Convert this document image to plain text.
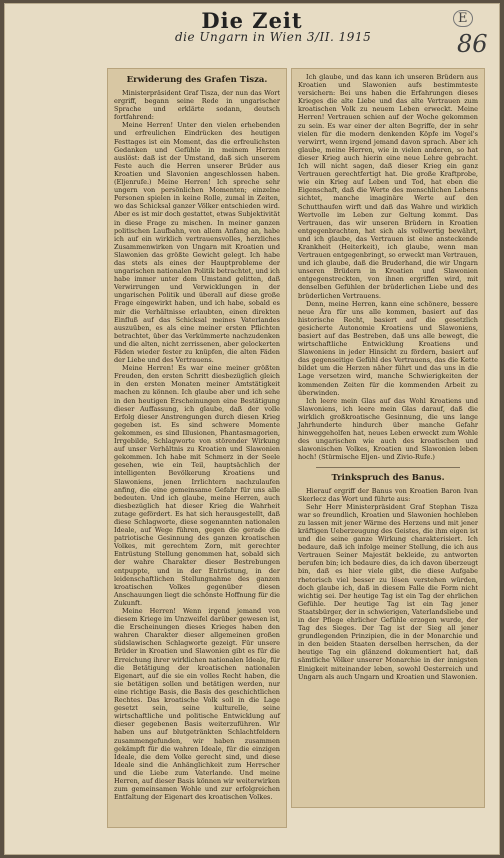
Die Zeit	E
die Ungarn in Wien 3/II. 1915	86
Erwiderung des Grafen Tisza.

Ministerpräsident Graf Tisza, der nun das Wort ergriff, begann seine Rede in ungarischer Sprache und erklärte sodann, deutsch fortfahrend:

Meine Herren! Unter den vielen erhebenden und erfreulichen Eindrücken des heutigen Festtages ist ein Moment, das die erfreulichsten Gedanken und Gefühle in meinem Herzen auslöst: daß ist der Umstand, daß sich unserem Feste auch die Herren unserer Brüder aus Kroatien und Slavonien angeschlossen haben. (Eljenrufe.) Meine Herren! Ich spreche sehr ungern von persönlichen Momenten; einzelne Personen spielen in keine Rolle, zumal in Zeiten, wo das Schicksal ganzer Völker entschieden wird. Aber es ist mir doch gestattet, etwas Subjektivität in diese Frage zu mischen. In meiner ganzen politischen Laufbahn, von allem Anfang an, habe ich auf ein wirklich vertrauensvolles, herzliches Zusammenwirken von Ungarn mit Kroatien und Slawonien das größte Gewicht gelegt. Ich habe das stets als eines der Hauptprobleme der ungarischen nationalen Politik betrachtet, und ich habe immer unter dem Umstand gelitten, daß Verwirrungen und Verwicklungen in der ungarischen Politik und überall auf diese große Frage eingewirkt haben, und ich habe, sobald es mir die Verhältnisse erlaubten, einen direkten Einfluß auf das Schicksal meines Vaterlandes auszuüben, es als eine meiner ersten Pflichten betrachtet, über das Verkümmerte nachzudenken und die alten, nicht zerrissenen, aber gelockerten Fäden wieder fester zu knüpfen, die alten Fäden der Liebe und des Vertrauens.

Meine Herren! Es war eine meiner größten Freuden, den ersten Schritt diesbezüglich gleich in den ersten Monaten meiner Amtstätigkeit machen zu können. Ich glaube aber und ich sehe in den heutigen Erscheinungen eine Bestätigung dieser Auffassung, ich glaube, daß der volle Erfolg dieser Anstrengungen durch diesen Krieg gegeben ist. Es sind schwere Momente gekommen, es sind Illusionen, Phantasmagorien, Irrgebilde, Schlagworte von störender Wirkung auf unser Verhältnis zu Kroatien und Slawonien gekommen. Ich habe mit Schmerz in der Seele gesehen, wie ein Teil, hauptsächlich der intelligenten Bevölkerung Kroatiens und Slawoniens, jenen Irrlichtern nachzulaufen anfing, die eine gemeinsame Gefahr für uns alle bedeuten. Und ich glaube, meine Herren, auch diesbezüglich hat dieser Krieg die Wahrheit zutage gefördert. Es hat sich herausgestellt, daß diese Schlagworte, diese sogenannten nationalen Ideale, auf Wege führen, gegen die gerade die patriotische Gesinnung des ganzen kroatischen Volkes, mit gerechtem Zorn, mit gerechter Entrüstung Stellung genommen hat, sobald sich der wahre Charakter dieser Bestrebungen entpuppte, und in der Entrüstung, in der leidenschaftlichen Stellungnahme des ganzen kroatischen Volkes gegenüber diesen Anschauungen liegt die schönste Hoffnung für die Zukunft.

Meine Herren! Wenn irgend jemand von diesem Kriege im Unzweifel darüber gewesen ist, die Erscheinungen dieses Krieges haben den wahren Charakter dieser allgemeinen großen südslawischen Schlagworte gezeigt. Für unsere Brüder in Kroatien und Slawonien gibt es für die Erreichung ihrer wirklichen nationalen Ideale, für die Betätigung der kroatischen nationalen Eigenart, auf die sie ein volles Recht haben, die sie betätigen sollen und betätigen werden, nur eine richtige Basis, die Basis des geschichtlichen Rechtes. Das kroatische Volk soll in die Lage gesetzt sein, seine kulturelle, seine wirtschaftliche und politische Entwicklung auf dieser gegebenen Basis weiterzuführen. Wir haben uns auf blutgetränkten Schlachtfeldern zusammengefunden, wir haben zusammen gekämpft für die wahren Ideale, für die einzigen Ideale, die dem Volke gerecht sind, und diese Ideale sind die Anhänglichkeit zum Herrscher und die Liebe zum Vaterlande. Und meine Herren, auf dieser Basis können wir weiterwirken zum gemeinsamen Wohle und zur erfolgreichen Entfaltung der Eigenart des kroatischen Volkes.

Ich glaube, und das kann ich unseren Brüdern aus Kroatien und Slawonien aufs bestimmteste versichern: Bei uns haben die Erfahrungen dieses Krieges die alte Liebe und das alte Vertrauen zum kroatischen Volk zu neuem Leben erweckt. Meine Herren! Vertrauen schien auf der Woche gekommen zu sein. Es war einer der alten Begriffe, der in sehr vielen für die modern denkenden Köpfe im Vogel's verwirrt, wenn irgend jemand davon sprach. Aber ich glaube, meine Herren, wie in vielen anderen, so hat dieser Krieg auch hierin eine neue Lehre gebracht. Ich will nicht sagen, daß dieser Krieg ein ganz Vertrauen gerechtfertigt hat. Die große Kraftprobe, wie ein Krieg auf Leben und Tod, hat eben die Eigenschaft, daß die Werte des menschlichen Lebens sichtet, manche imaginäre Werte auf den Schutthaufen wirft und daß das Wahre und wirklich Wertvolle im Leben zur Geltung kommt. Das Vertrauen, das wir unseren Brüdern in Kroatien entgegenbrachten, hat sich als vollwertig bewährt, und ich glaube, das Vertrauen ist eine ansteckende Krankheit (Heiterkeit), ich glaube, wenn man Vertrauen entgegenbringt, so erweckt man Vertrauen, und ich glaube, daß die Bruderhand, die wir Ungarn unseren Brüdern in Kroatien und Slawonien entgegenstreckten, von ihnen ergriffen wird, mit denselben Gefühlen der brüderlichen Liebe und des brüderlichen Vertrauens.

Denn, meine Herren, kann eine schönere, bessere neue Ära für uns alle kommen, basiert auf das historische Recht, basiert auf die gesetzlich gesicherte Autonomie Kroatiens und Slawoniens, basiert auf das Bestreben, daß uns alle bewegt, die wirtschaftliche Entwicklung Kroatiens und Slawoniens in jeder Hinsicht zu fördern, basiert auf das gegenseitige Gefühl des Vertrauens, das die Kette bildet um die Herzen näher führt und das uns in die Lage versetzen wird, manche Schwierigkeiten der kommenden Zeiten für die kommenden Arbeit zu überwinden.

Ich leere mein Glas auf das Wohl Kroatiens und Slawoniens, ich leere mein Glas darauf, daß die wirklich großkroatische Gesinnung, die uns lange Jahrhunderte hindurch über manche Gefahr hinweggeholfen hat, neues Leben erweckt zum Wohle des ungarischen wie auch des kroatischen und slawonischen Volkes, Kroatien und Slawonien leben hoch! (Stürmische Eljen- und Zivio-Rufe.)

Trinkspruch des Banus.

Hierauf ergriff der Banus von Kroatien Baron Ivan Skerlecz das Wort und führte aus:

Sehr Herr Ministerpräsident Graf Stephan Tisza war so freundlich, Kroatien und Slawonien hochleben zu lassen mit jener Wärme des Herzens und mit jener kräftigen Ueberzeugung des Geistes, die ihm eigen ist und die seine ganze Wirkung charakterisiert. Ich bedaure, daß ich infolge meiner Stellung, die ich aus Vertrauen Seiner Majestät bekleide, zu antworten berufen bin; ich bedaure dies, da ich davon überzeugt bin, daß es hier viele gibt, die diese Aufgabe rhetorisch viel besser zu lösen verstehen würden, doch glaube ich, daß in diesem Falle die Form nicht wichtig sei. Der heutige Tag ist ein Tag der ehrlichen Gefühle. Der heutige Tag ist ein Tag jener Staatsbürger, der in schwierigen, Vaterlandsliebe und in der Pflege ehrlicher Gefühle erzogen wurde, der Tag des Sieges. Der Tag ist der Sieg all jener grundlegenden Prinzipien, die in der Monarchie und in den beiden Staaten derselben herrschen, da der heutige Tag ein glänzend dokumentiert hat, daß sämtliche Völker unserer Monarchie in der innigsten Einigkeit miteinander leben, sowohl Oesterreich und Ungarn als auch Ungarn und Kroatien und Slawonien.
